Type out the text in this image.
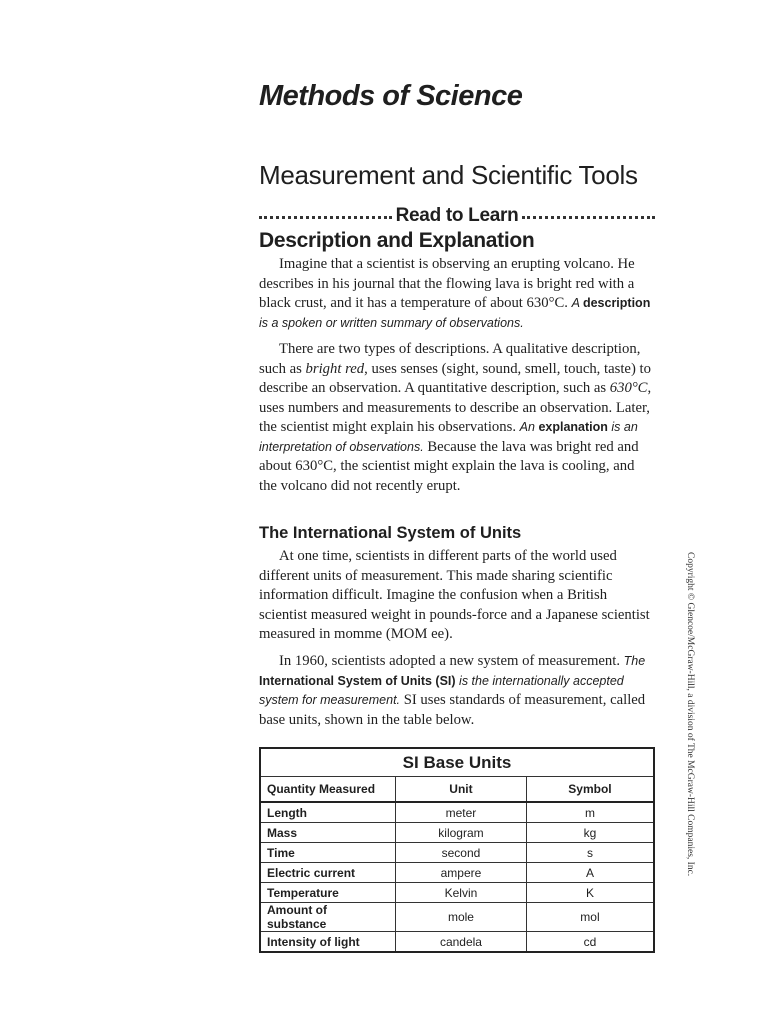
Methods of Science
Measurement and Scientific Tools
Read to Learn
Description and Explanation

Imagine that a scientist is observing an erupting volcano. He describes in his journal that the flowing lava is bright red with a black crust, and it has a temperature of about 630°C. A description is a spoken or written summary of observations.

There are two types of descriptions. A qualitative description, such as bright red, uses senses (sight, sound, smell, touch, taste) to describe an observation. A quantitative description, such as 630°C, uses numbers and measurements to describe an observation. Later, the scientist might explain his observations. An explanation is an interpretation of observations. Because the lava was bright red and about 630°C, the scientist might explain the lava is cooling, and the volcano did not recently erupt.

The International System of Units

At one time, scientists in different parts of the world used different units of measurement. This made sharing scientific information difficult. Imagine the confusion when a British scientist measured weight in pounds-force and a Japanese scientist measured in momme (MOM ee).

In 1960, scientists adopted a new system of measurement. The International System of Units (SI) is the internationally accepted system for measurement. SI uses standards of measurement, called base units, shown in the table below.

SI Base Units		
Quantity Measured	Unit	Symbol
Length	meter	m
Mass	kilogram	kg
Time	second	s
Electric current	ampere	A
Temperature	Kelvin	K
Amount of substance	mole	mol
Intensity of light	candela	cd
Copyright © Glencoe/McGraw-Hill, a division of The McGraw-Hill Companies, Inc.
